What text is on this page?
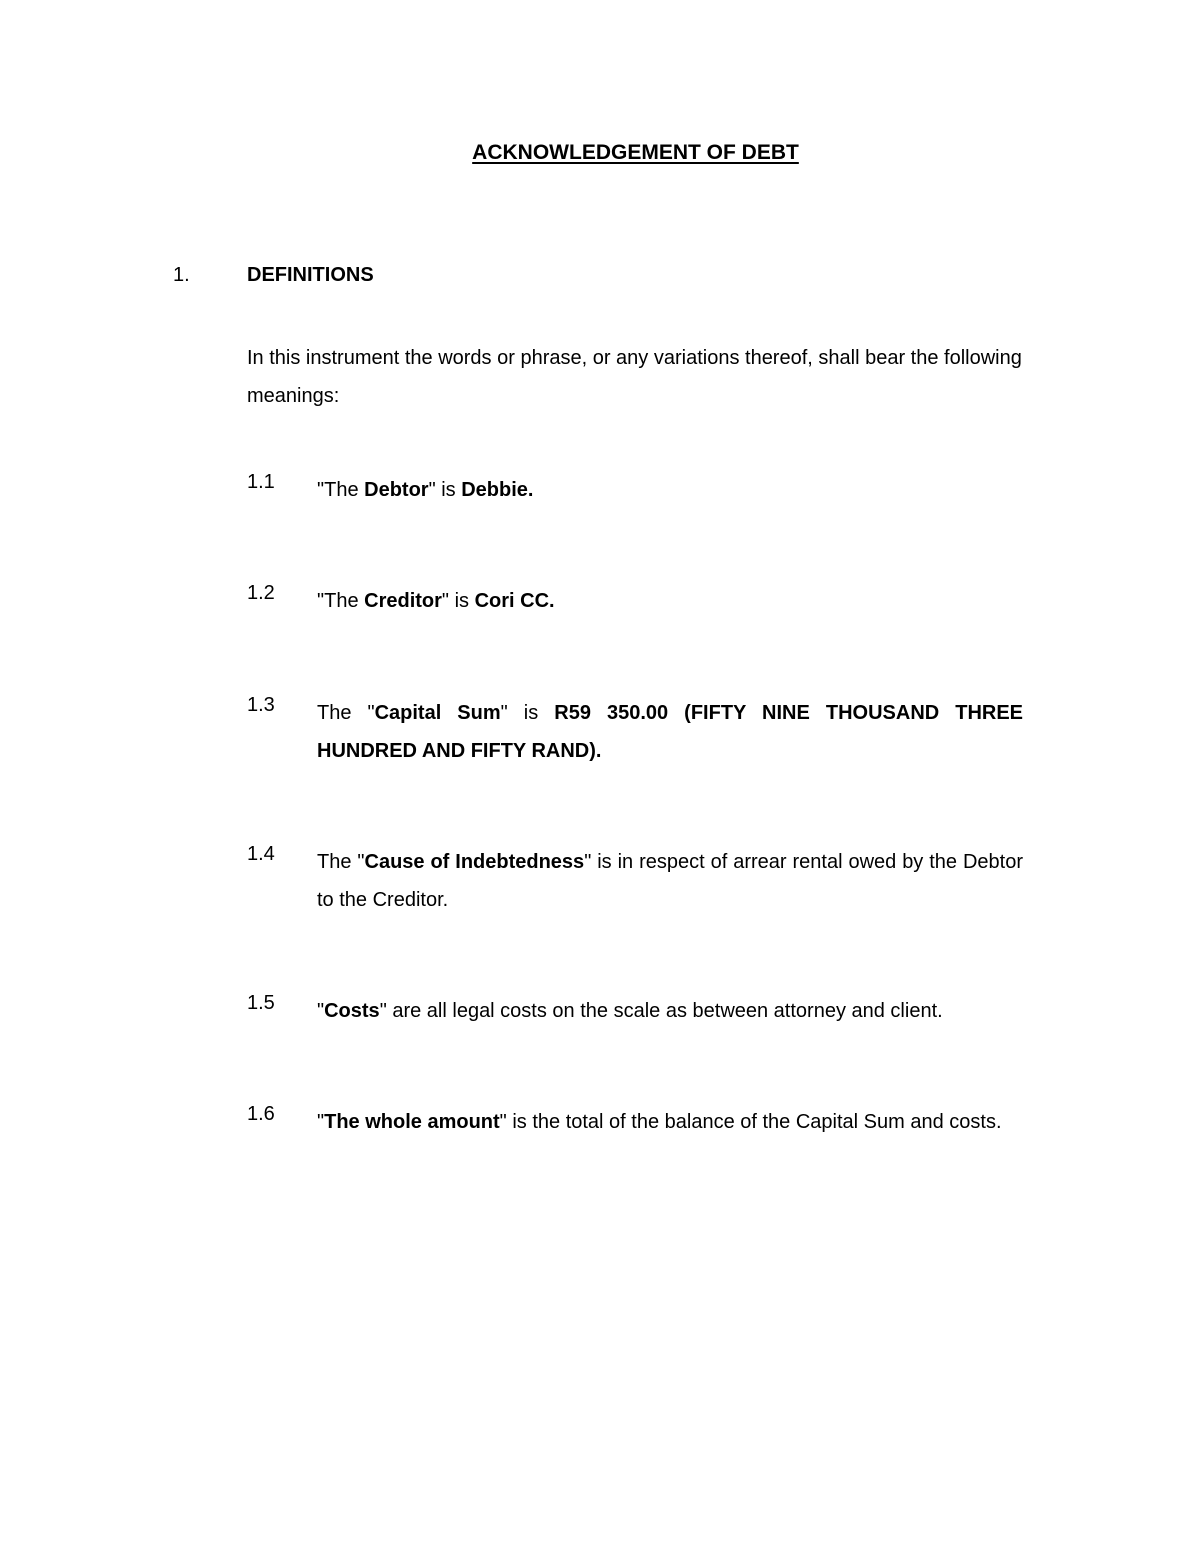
ACKNOWLEDGEMENT OF DEBT
1.	DEFINITIONS
In this instrument the words or phrase, or any variations thereof, shall bear the following meanings:
1.1 "The Debtor" is Debbie.
1.2 "The Creditor" is Cori CC.
1.3 The "Capital Sum" is R59 350.00 (FIFTY NINE THOUSAND THREE HUNDRED AND FIFTY RAND).
1.4 The "Cause of Indebtedness" is in respect of arrear rental owed by the Debtor to the Creditor.
1.5 "Costs" are all legal costs on the scale as between attorney and client.
1.6 "The whole amount" is the total of the balance of the Capital Sum and costs.
